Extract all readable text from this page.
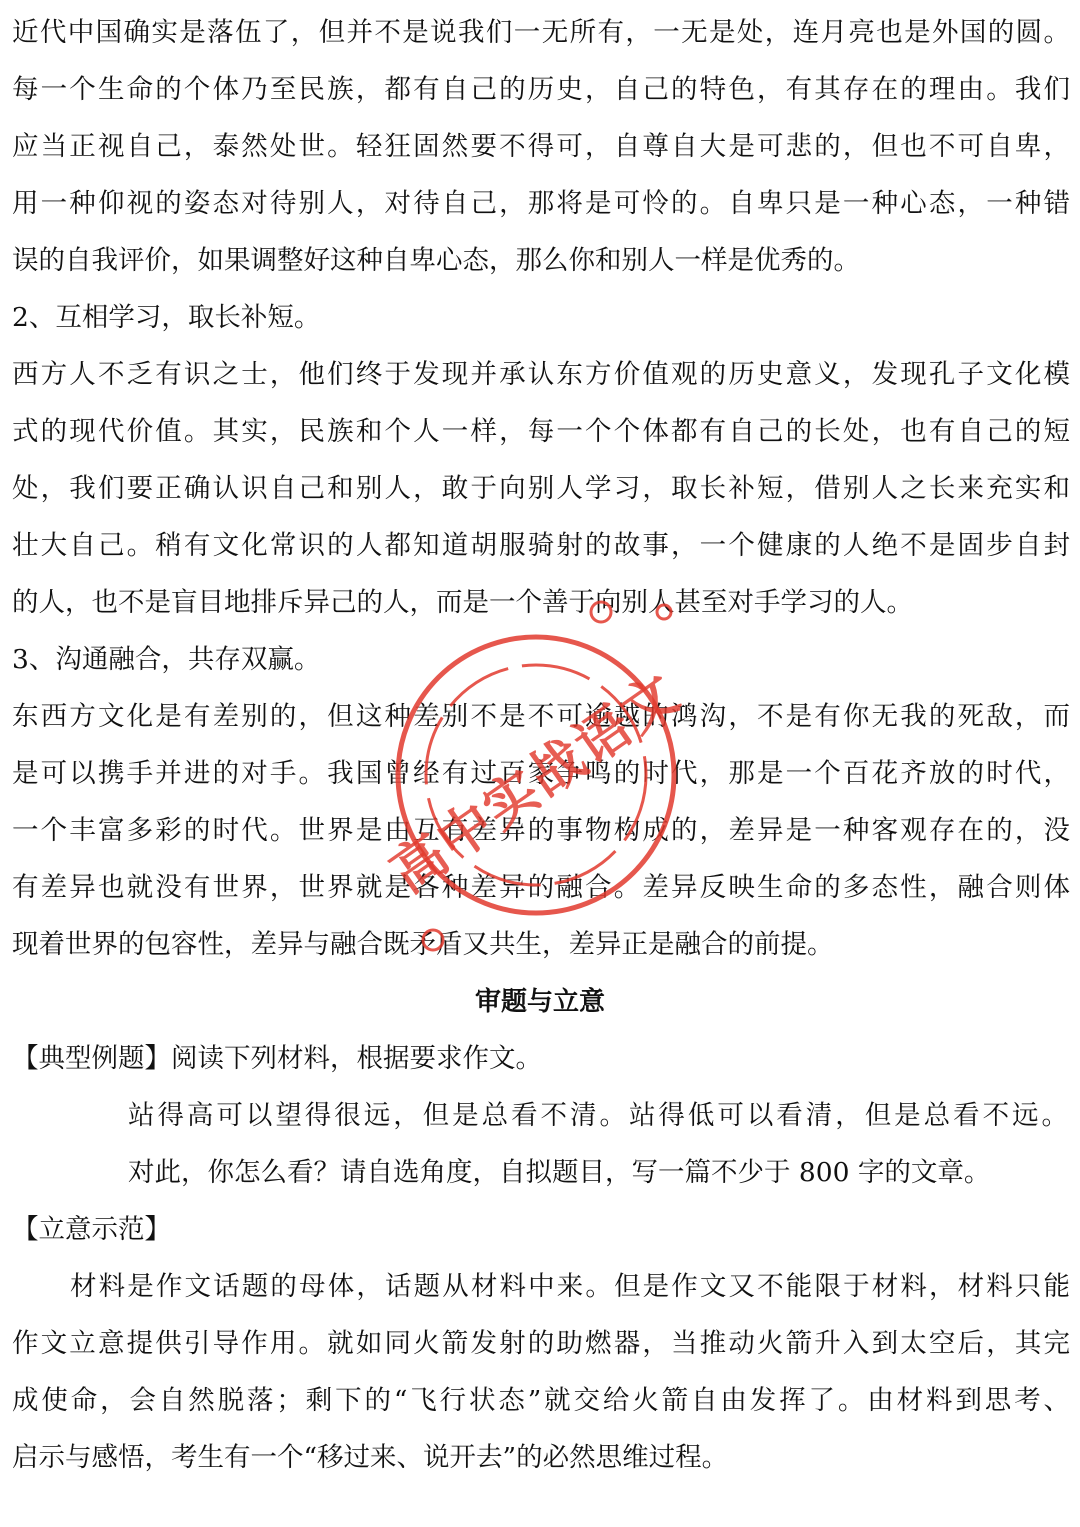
近代中国确实是落伍了，但并不是说我们一无所有，一无是处，连月亮也是外国的圆。

每一个生命的个体乃至民族，都有自己的历史，自己的特色，有其存在的理由。我们

应当正视自己，泰然处世。轻狂固然要不得可，自尊自大是可悲的，但也不可自卑，

用一种仰视的姿态对待别人，对待自己，那将是可怜的。自卑只是一种心态，一种错

误的自我评价，如果调整好这种自卑心态，那么你和别人一样是优秀的。

2、互相学习，取长补短。

西方人不乏有识之士，他们终于发现并承认东方价值观的历史意义，发现孔子文化模

式的现代价值。其实，民族和个人一样，每一个个体都有自己的长处，也有自己的短

处，我们要正确认识自己和别人，敢于向别人学习，取长补短，借别人之长来充实和

壮大自己。稍有文化常识的人都知道胡服骑射的故事，一个健康的人绝不是固步自封

的人，也不是盲目地排斥异己的人，而是一个善于向别人甚至对手学习的人。

3、沟通融合，共存双赢。

东西方文化是有差别的，但这种差别不是不可逾越的鸿沟，不是有你无我的死敌，而

是可以携手并进的对手。我国曾经有过百家争鸣的时代，那是一个百花齐放的时代，

一个丰富多彩的时代。世界是由互有差异的事物构成的，差异是一种客观存在的，没

有差异也就没有世界，世界就是各种差异的融合。差异反映生命的多态性，融合则体

现着世界的包容性，差异与融合既矛盾又共生，差异正是融合的前提。

审题与立意

【典型例题】阅读下列材料，根据要求作文。

站得高可以望得很远，但是总看不清。站得低可以看清，但是总看不远。

对此，你怎么看？请自选角度，自拟题目，写一篇不少于 800 字的文章。

【立意示范】

材料是作文话题的母体，话题从材料中来。但是作文又不能限于材料，材料只能

作文立意提供引导作用。就如同火箭发射的助燃器，当推动火箭升入到太空后，其完

成使命，会自然脱落；剩下的“飞行状态”就交给火箭自由发挥了。由材料到思考、

启示与感悟，考生有一个“移过来、说开去”的必然思维过程。

高中实战语文
